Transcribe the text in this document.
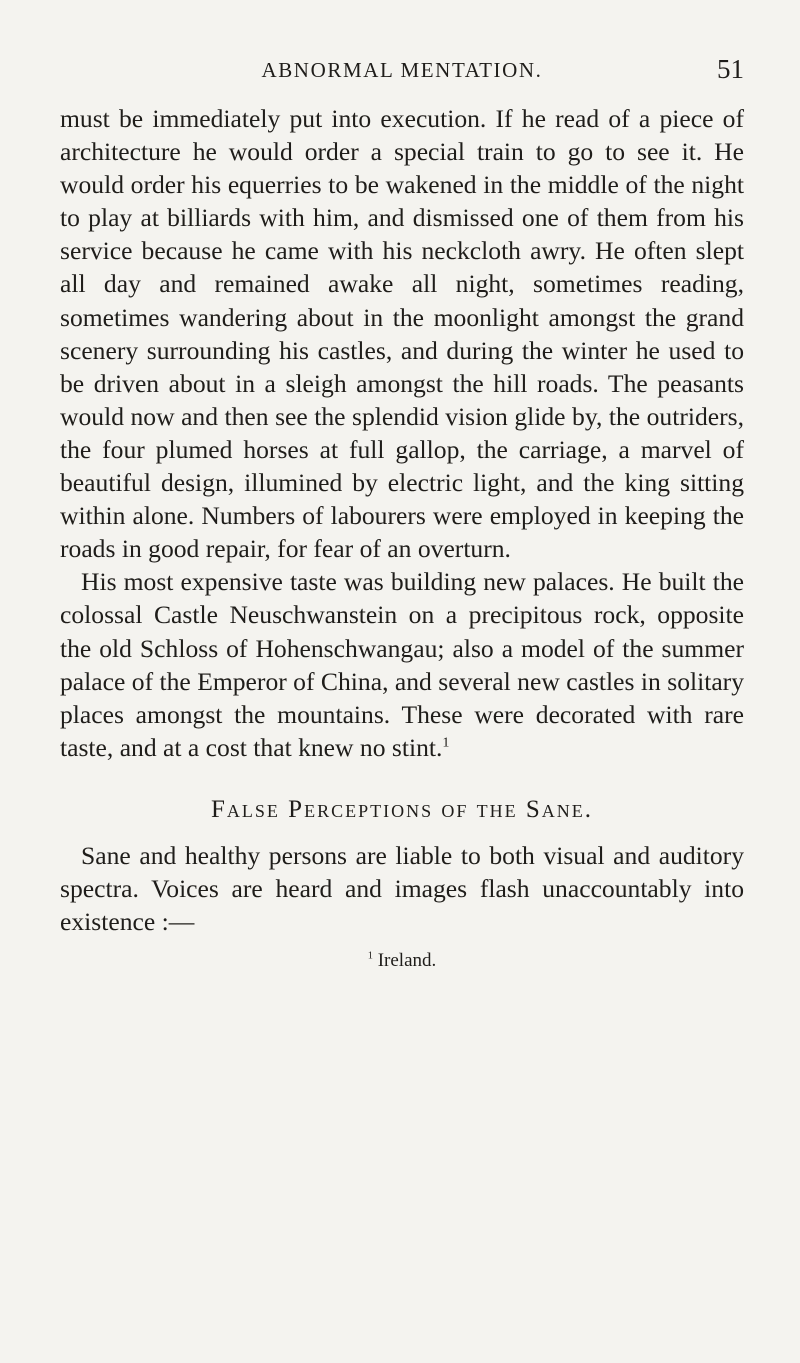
ABNORMAL MENTATION.	51

must be immediately put into execution. If he read of a piece of architecture he would order a special train to go to see it. He would order his equerries to be wakened in the middle of the night to play at billiards with him, and dismissed one of them from his service because he came with his neckcloth awry. He often slept all day and remained awake all night, sometimes reading, sometimes wandering about in the moonlight amongst the grand scenery surrounding his castles, and during the winter he used to be driven about in a sleigh amongst the hill roads. The peasants would now and then see the splendid vision glide by, the outriders, the four plumed horses at full gallop, the carriage, a marvel of beautiful design, illumined by electric light, and the king sitting within alone. Numbers of labourers were employed in keeping the roads in good repair, for fear of an overturn.

His most expensive taste was building new palaces. He built the colossal Castle Neuschwanstein on a precipitous rock, opposite the old Schloss of Hohenschwangau; also a model of the summer palace of the Emperor of China, and several new castles in solitary places amongst the mountains. These were decorated with rare taste, and at a cost that knew no stint.$^1$

False Perceptions of the Sane.

Sane and healthy persons are liable to both visual and auditory spectra. Voices are heard and images flash unaccountably into existence :—

$^1$ Ireland.
